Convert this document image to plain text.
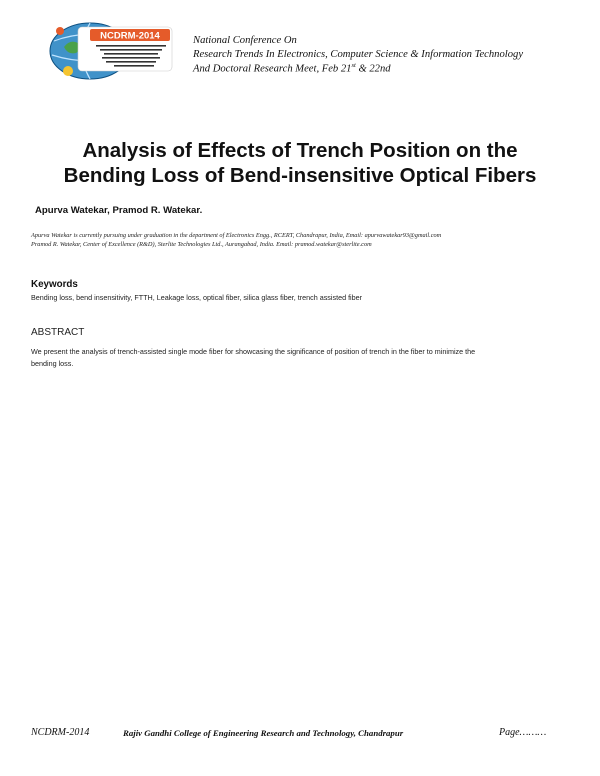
NCDRM-2014	National Conference On
Research Trends In Electronics, Computer Science & Information Technology
And Doctoral Research Meet, Feb 21st & 22nd
Analysis of Effects of Trench Position on the
Bending Loss of Bend-insensitive Optical Fibers
Apurva Watekar, Pramod R. Watekar.
Apurva Watekar is currently pursuing under graduation in the department of Electronics Engg., RCERT, Chandrapur, India, Email: apurvawatekar93@gmail.com
Pramod R. Watekar, Center of Excellence (R&D), Sterlite Technologies Ltd., Aurangabad, India. Email: pramod.watekar@sterlite.com
Keywords
Bending loss, bend insensitivity, FTTH, Leakage loss, optical fiber, silica glass fiber, trench assisted fiber
ABSTRACT
We present the analysis of trench-assisted single mode fiber for showcasing the significance of position of trench in the fiber to minimize the
bending loss.
NCDRM-2014	Rajiv Gandhi College of Engineering Research and Technology, Chandrapur	Page………
